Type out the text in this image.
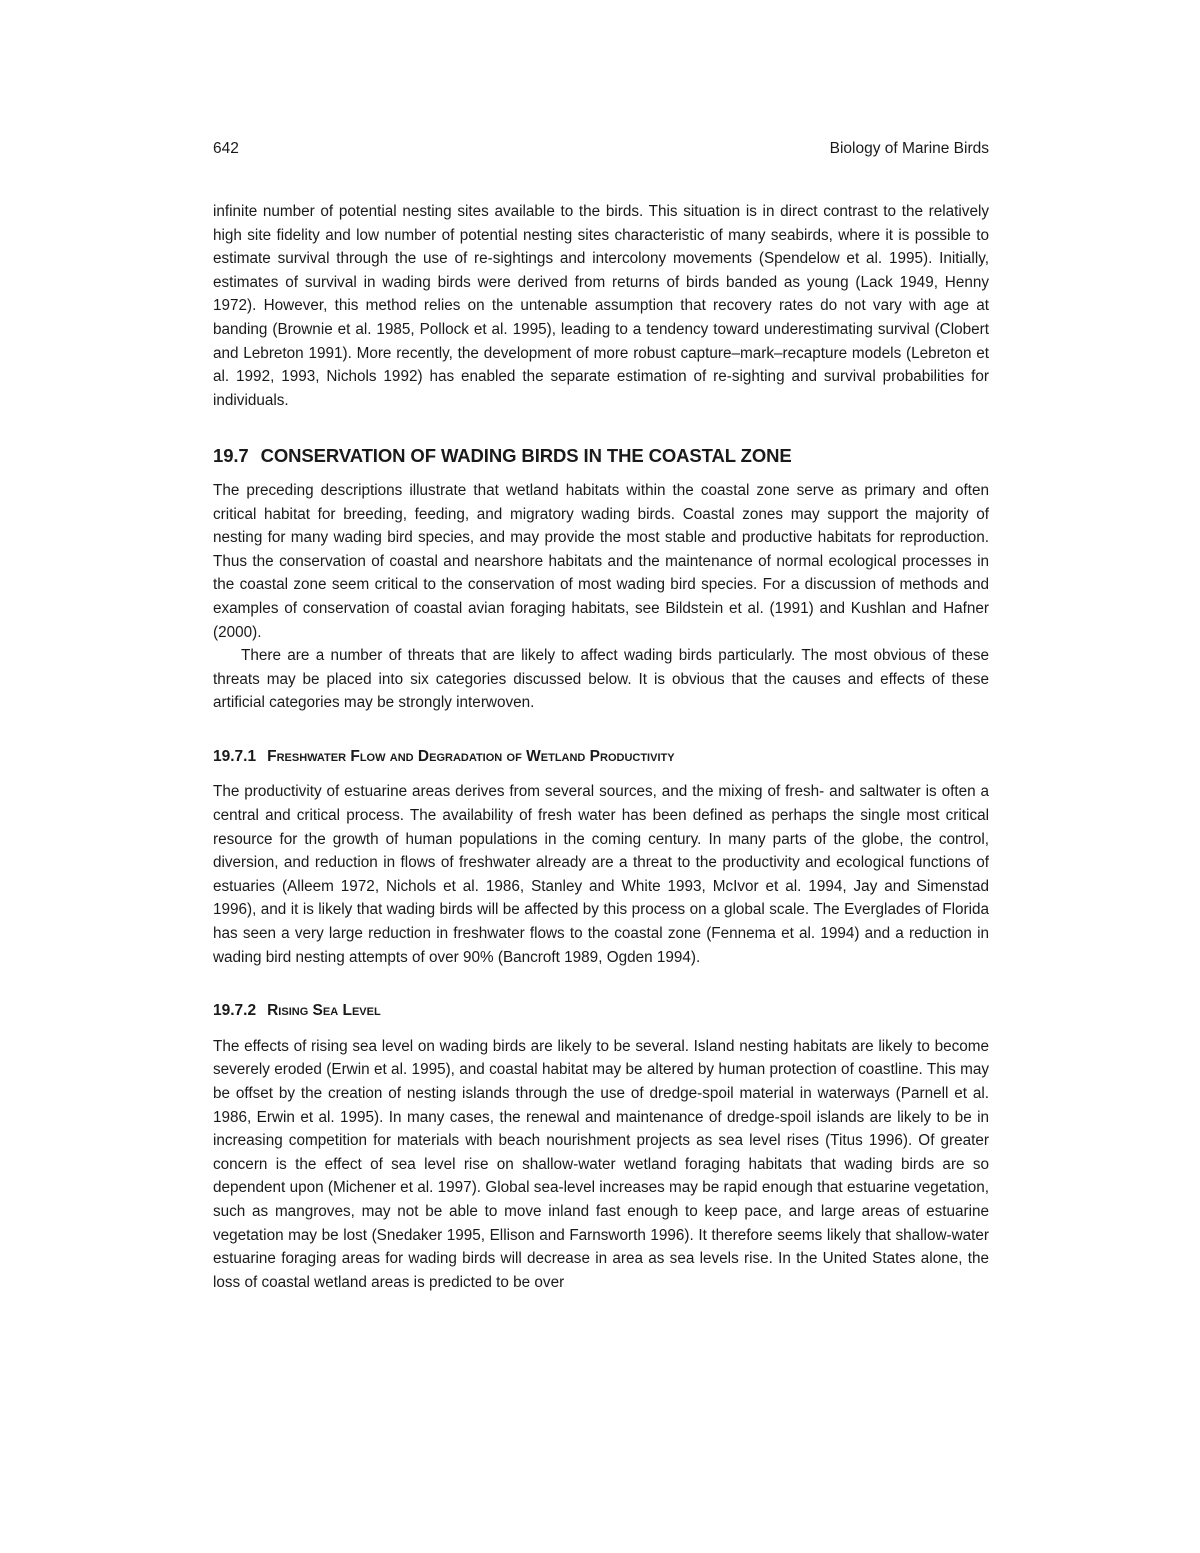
642	Biology of Marine Birds

infinite number of potential nesting sites available to the birds. This situation is in direct contrast to the relatively high site fidelity and low number of potential nesting sites characteristic of many seabirds, where it is possible to estimate survival through the use of re-sightings and intercolony movements (Spendelow et al. 1995). Initially, estimates of survival in wading birds were derived from returns of birds banded as young (Lack 1949, Henny 1972). However, this method relies on the untenable assumption that recovery rates do not vary with age at banding (Brownie et al. 1985, Pollock et al. 1995), leading to a tendency toward underestimating survival (Clobert and Lebreton 1991). More recently, the development of more robust capture–mark–recapture models (Lebreton et al. 1992, 1993, Nichols 1992) has enabled the separate estimation of re-sighting and survival probabilities for individuals.

19.7 CONSERVATION OF WADING BIRDS IN THE COASTAL ZONE

The preceding descriptions illustrate that wetland habitats within the coastal zone serve as primary and often critical habitat for breeding, feeding, and migratory wading birds. Coastal zones may support the majority of nesting for many wading bird species, and may provide the most stable and productive habitats for reproduction. Thus the conservation of coastal and nearshore habitats and the maintenance of normal ecological processes in the coastal zone seem critical to the conservation of most wading bird species. For a discussion of methods and examples of conservation of coastal avian foraging habitats, see Bildstein et al. (1991) and Kushlan and Hafner (2000).

There are a number of threats that are likely to affect wading birds particularly. The most obvious of these threats may be placed into six categories discussed below. It is obvious that the causes and effects of these artificial categories may be strongly interwoven.

19.7.1 Freshwater Flow and Degradation of Wetland Productivity

The productivity of estuarine areas derives from several sources, and the mixing of fresh- and saltwater is often a central and critical process. The availability of fresh water has been defined as perhaps the single most critical resource for the growth of human populations in the coming century. In many parts of the globe, the control, diversion, and reduction in flows of freshwater already are a threat to the productivity and ecological functions of estuaries (Alleem 1972, Nichols et al. 1986, Stanley and White 1993, McIvor et al. 1994, Jay and Simenstad 1996), and it is likely that wading birds will be affected by this process on a global scale. The Everglades of Florida has seen a very large reduction in freshwater flows to the coastal zone (Fennema et al. 1994) and a reduction in wading bird nesting attempts of over 90% (Bancroft 1989, Ogden 1994).

19.7.2 Rising Sea Level

The effects of rising sea level on wading birds are likely to be several. Island nesting habitats are likely to become severely eroded (Erwin et al. 1995), and coastal habitat may be altered by human protection of coastline. This may be offset by the creation of nesting islands through the use of dredge-spoil material in waterways (Parnell et al. 1986, Erwin et al. 1995). In many cases, the renewal and maintenance of dredge-spoil islands are likely to be in increasing competition for materials with beach nourishment projects as sea level rises (Titus 1996). Of greater concern is the effect of sea level rise on shallow-water wetland foraging habitats that wading birds are so dependent upon (Michener et al. 1997). Global sea-level increases may be rapid enough that estuarine vegetation, such as mangroves, may not be able to move inland fast enough to keep pace, and large areas of estuarine vegetation may be lost (Snedaker 1995, Ellison and Farnsworth 1996). It therefore seems likely that shallow-water estuarine foraging areas for wading birds will decrease in area as sea levels rise. In the United States alone, the loss of coastal wetland areas is predicted to be over
